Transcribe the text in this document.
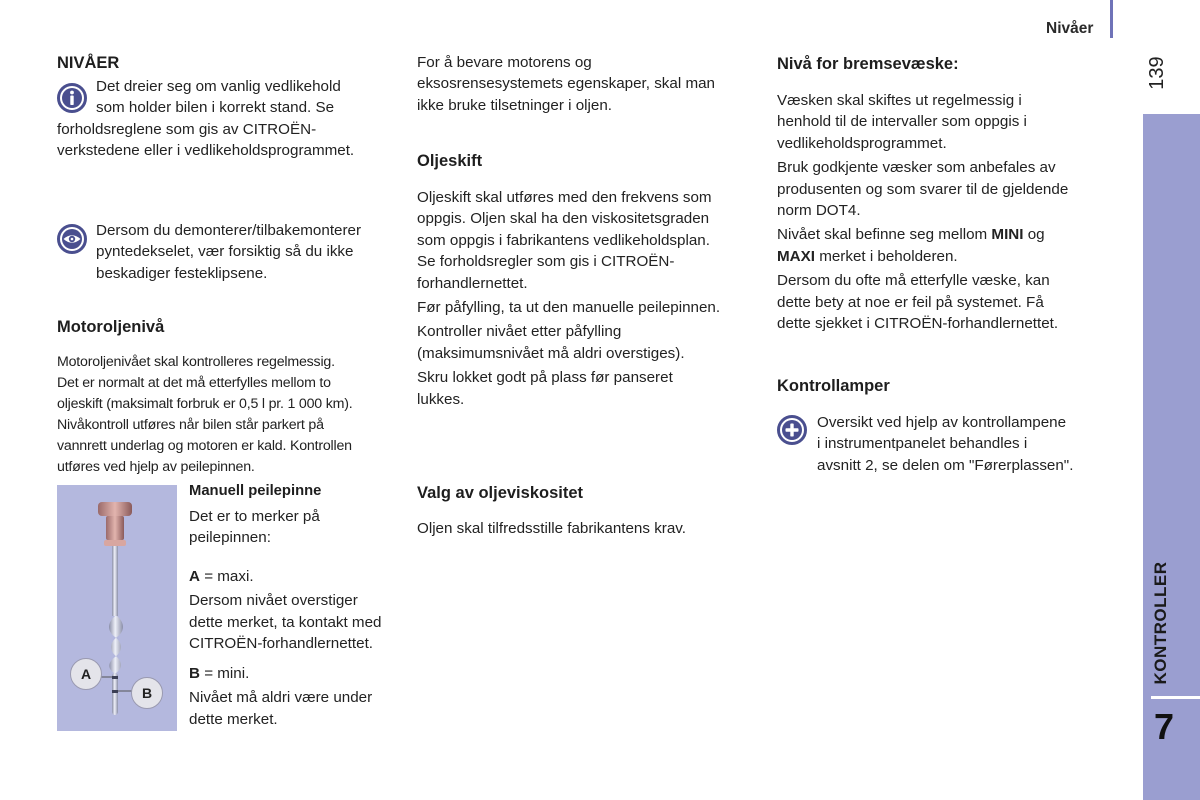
Nivåer
139
KONTROLLER
7
NIVÅER

Det dreier seg om vanlig vedlikehold

som holder bilen i korrekt stand. Se

forholdsreglene som gis av CITROËN-

verkstedene eller i vedlikeholdsprogrammet.

Dersom du demonterer/tilbakemonterer

pyntedekselet, vær forsiktig så du ikke

beskadiger festeklipsene.

Motoroljenivå
Motoroljenivået skal kontrolleres regelmessig.
Det er normalt at det må etterfylles mellom to
oljeskift (maksimalt forbruk er 0,5 l pr. 1 000 km).
Nivåkontroll utføres når bilen står parkert på
vannrett underlag og motoren er kald. Kontrollen
utføres ved hjelp av peilepinnen.
A
B
Manuell peilepinne

Det er to merker på

peilepinnen:

A = maxi.

Dersom nivået overstiger

dette merket, ta kontakt med

CITROËN-forhandlernettet.

B = mini.

Nivået må aldri være under

dette merket.

For å bevare motorens og

eksosrensesystemets egenskaper, skal man

ikke bruke tilsetninger i oljen.

Oljeskift

Oljeskift skal utføres med den frekvens som

oppgis. Oljen skal ha den viskositetsgraden

som oppgis i fabrikantens vedlikeholdsplan.

Se forholdsregler som gis i CITROËN-

forhandlernettet.

Før påfylling, ta ut den manuelle peilepinnen.

Kontroller nivået etter påfylling

(maksimumsnivået må aldri overstiges).

Skru lokket godt på plass før panseret

lukkes.

Valg av oljeviskositet
Oljen skal tilfredsstille fabrikantens krav.
Nivå for bremsevæske:

Væsken skal skiftes ut regelmessig i

henhold til de intervaller som oppgis i

vedlikeholdsprogrammet.

Bruk godkjente væsker som anbefales av

produsenten og som svarer til de gjeldende

norm DOT4.

Nivået skal befinne seg mellom MINI og

MAXI merket i beholderen.

Dersom du ofte må etterfylle væske, kan

dette bety at noe er feil på systemet. Få

dette sjekket i CITROËN-forhandlernettet.

Kontrollamper

Oversikt ved hjelp av kontrollampene

i instrumentpanelet behandles i

avsnitt 2, se delen om "Førerplassen".
